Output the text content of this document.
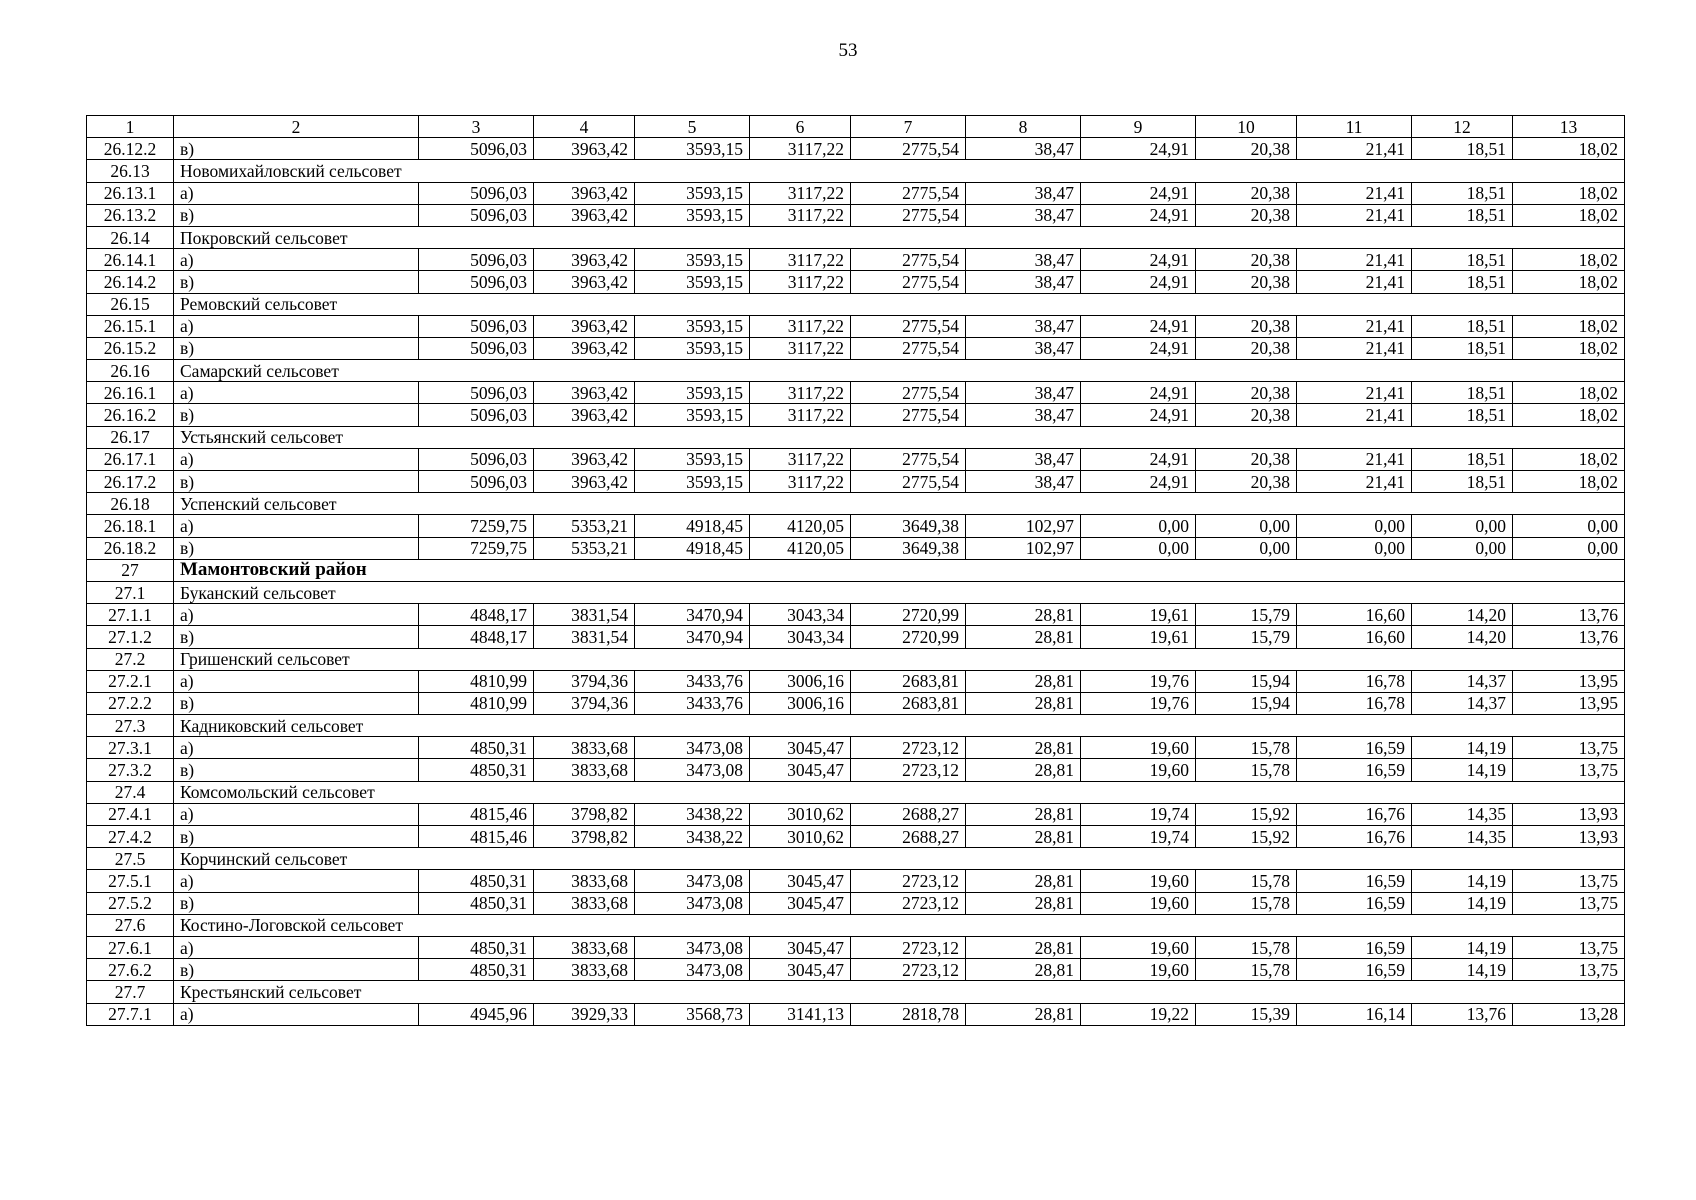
53
1	2	3	4	5	6	7	8	9	10	11	12	13
26.12.2	в)	5096,03	3963,42	3593,15	3117,22	2775,54	38,47	24,91	20,38	21,41	18,51	18,02
26.13	Новомихайловский сельсовет											
26.13.1	а)	5096,03	3963,42	3593,15	3117,22	2775,54	38,47	24,91	20,38	21,41	18,51	18,02
26.13.2	в)	5096,03	3963,42	3593,15	3117,22	2775,54	38,47	24,91	20,38	21,41	18,51	18,02
26.14	Покровский сельсовет											
26.14.1	а)	5096,03	3963,42	3593,15	3117,22	2775,54	38,47	24,91	20,38	21,41	18,51	18,02
26.14.2	в)	5096,03	3963,42	3593,15	3117,22	2775,54	38,47	24,91	20,38	21,41	18,51	18,02
26.15	Ремовский сельсовет											
26.15.1	а)	5096,03	3963,42	3593,15	3117,22	2775,54	38,47	24,91	20,38	21,41	18,51	18,02
26.15.2	в)	5096,03	3963,42	3593,15	3117,22	2775,54	38,47	24,91	20,38	21,41	18,51	18,02
26.16	Самарский сельсовет											
26.16.1	а)	5096,03	3963,42	3593,15	3117,22	2775,54	38,47	24,91	20,38	21,41	18,51	18,02
26.16.2	в)	5096,03	3963,42	3593,15	3117,22	2775,54	38,47	24,91	20,38	21,41	18,51	18,02
26.17	Устьянский сельсовет											
26.17.1	а)	5096,03	3963,42	3593,15	3117,22	2775,54	38,47	24,91	20,38	21,41	18,51	18,02
26.17.2	в)	5096,03	3963,42	3593,15	3117,22	2775,54	38,47	24,91	20,38	21,41	18,51	18,02
26.18	Успенский сельсовет											
26.18.1	а)	7259,75	5353,21	4918,45	4120,05	3649,38	102,97	0,00	0,00	0,00	0,00	0,00
26.18.2	в)	7259,75	5353,21	4918,45	4120,05	3649,38	102,97	0,00	0,00	0,00	0,00	0,00
27	Мамонтовский район											
27.1	Буканский сельсовет											
27.1.1	а)	4848,17	3831,54	3470,94	3043,34	2720,99	28,81	19,61	15,79	16,60	14,20	13,76
27.1.2	в)	4848,17	3831,54	3470,94	3043,34	2720,99	28,81	19,61	15,79	16,60	14,20	13,76
27.2	Гришенский сельсовет											
27.2.1	а)	4810,99	3794,36	3433,76	3006,16	2683,81	28,81	19,76	15,94	16,78	14,37	13,95
27.2.2	в)	4810,99	3794,36	3433,76	3006,16	2683,81	28,81	19,76	15,94	16,78	14,37	13,95
27.3	Кадниковский сельсовет											
27.3.1	а)	4850,31	3833,68	3473,08	3045,47	2723,12	28,81	19,60	15,78	16,59	14,19	13,75
27.3.2	в)	4850,31	3833,68	3473,08	3045,47	2723,12	28,81	19,60	15,78	16,59	14,19	13,75
27.4	Комсомольский сельсовет											
27.4.1	а)	4815,46	3798,82	3438,22	3010,62	2688,27	28,81	19,74	15,92	16,76	14,35	13,93
27.4.2	в)	4815,46	3798,82	3438,22	3010,62	2688,27	28,81	19,74	15,92	16,76	14,35	13,93
27.5	Корчинский сельсовет											
27.5.1	а)	4850,31	3833,68	3473,08	3045,47	2723,12	28,81	19,60	15,78	16,59	14,19	13,75
27.5.2	в)	4850,31	3833,68	3473,08	3045,47	2723,12	28,81	19,60	15,78	16,59	14,19	13,75
27.6	Костино-Логовской сельсовет											
27.6.1	а)	4850,31	3833,68	3473,08	3045,47	2723,12	28,81	19,60	15,78	16,59	14,19	13,75
27.6.2	в)	4850,31	3833,68	3473,08	3045,47	2723,12	28,81	19,60	15,78	16,59	14,19	13,75
27.7	Крестьянский сельсовет											
27.7.1	а)	4945,96	3929,33	3568,73	3141,13	2818,78	28,81	19,22	15,39	16,14	13,76	13,28
